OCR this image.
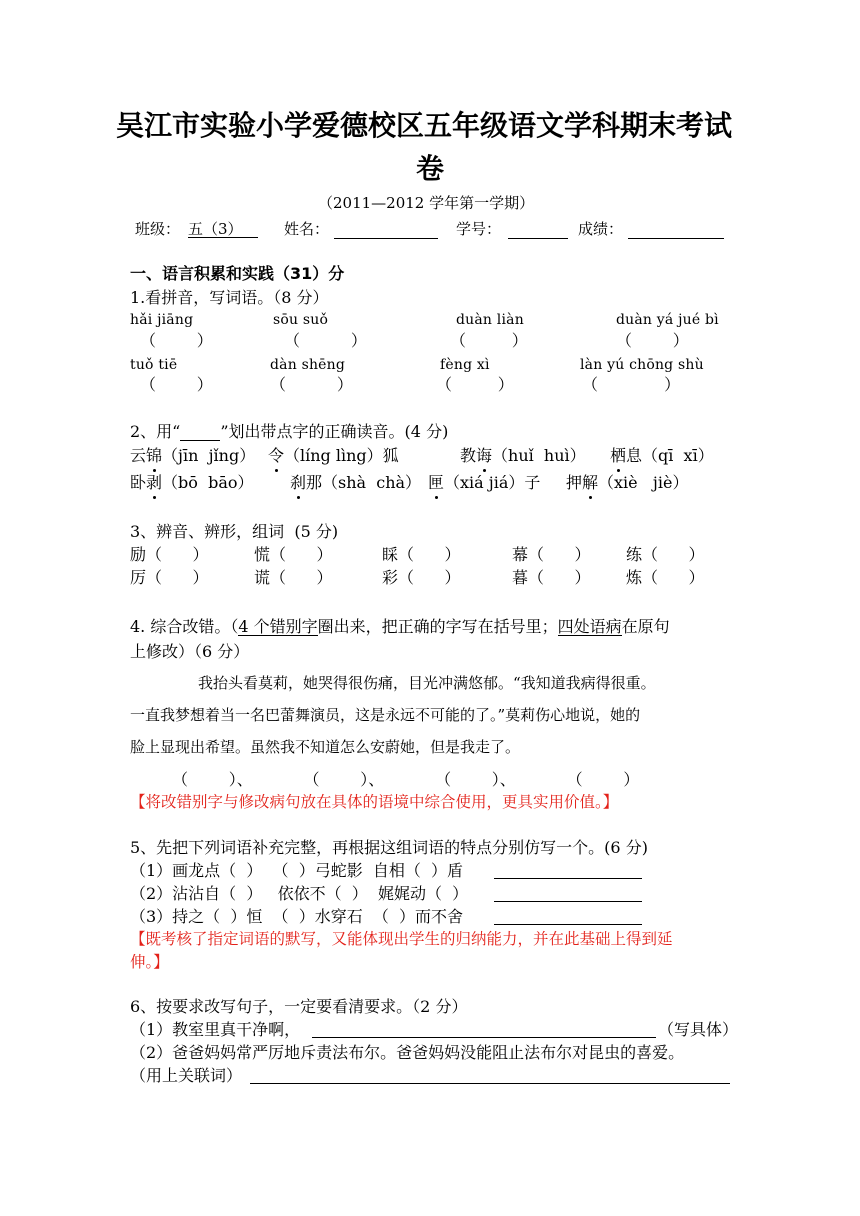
吴江市实验小学爱德校区五年级语文学科期末考试
卷
（2011—2012 学年第一学期）
班级： 五（3）	姓名：	学号：	成绩：
一、语言积累和实践（31）分
1.看拼音，写词语。（8 分）
hǎi jiāng	sōu suǒ	duàn liàn	duàn yá jué bì
（        ）	（          ）	（         ）	（        ）
tuǒ tiē	dàn shēng	fèng xì	làn yú chōng shù
（        ）	（          ）	（         ）	（             ）
2、用“	”划出带点字的正确读音。(4 分)
云锦（jīn  jǐng） 令（líng lìng）狐	教诲（huǐ  huì） 栖息（qī  xī）
卧剥（bō  bāo） 刹那（shà  chà） 匣（xiá jiá）子 押解（xiè   jiè）
3、辨音、辨形，组词  (5 分)
励（      ）	慌（      ）	睬（      ）	幕（      ） 练（      ）
厉（      ）	谎（      ）	彩（      ）	暮（      ） 炼（      ）
4. 综合改错。（4 个错别字圈出来，把正确的字写在括号里；四处语病在原句
上修改）（6 分）
我抬头看莫莉，她哭得很伤痛，目光冲满悠郁。“我知道我病得很重。
一直我梦想着当一名巴蕾舞演员，这是永远不可能的了。”莫莉伤心地说，她的
脸上显现出希望。虽然我不知道怎么安蔚她，但是我走了。
（        ）、          （        ）、          （        ）、          （        ）
【将改错别字与修改病句放在具体的语境中综合使用，更具实用价值。】
5、先把下列词语补充完整，再根据这组词语的特点分别仿写一个。(6 分)
（1）画龙点（  ）  （  ）弓蛇影  自相（  ）盾
（2）沾沾自（  ）   依依不（  ）  娓娓动（  ）
（3）持之（  ）恒  （  ）水穿石  （  ）而不舍
【既考核了指定词语的默写，又能体现出学生的归纳能力，并在此基础上得到延
伸。】
6、按要求改写句子，一定要看清要求。（2 分）
（1）教室里真干净啊，	（写具体）
（2）爸爸妈妈常严厉地斥责法布尔。爸爸妈妈没能阻止法布尔对昆虫的喜爱。
（用上关联词）
